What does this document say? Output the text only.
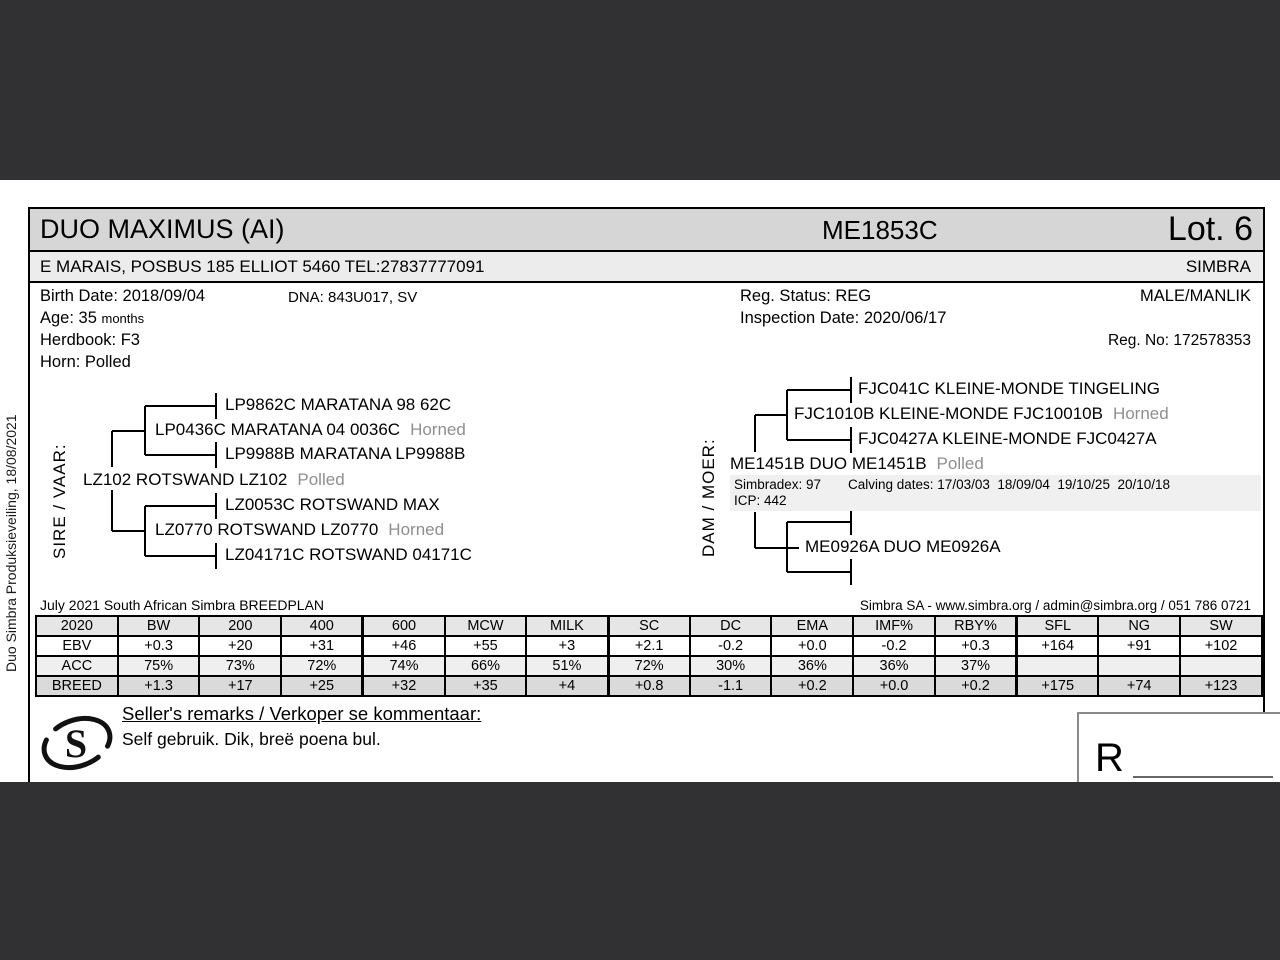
Duo Simbra Produksieveiling, 18/08/2021
DUO MAXIMUS (AI)	ME1853C	Lot. 6
E MARAIS, POSBUS 185 ELLIOT 5460 TEL:27837777091	SIMBRA
Birth Date: 2018/09/04	DNA: 843U017, SV	Reg. Status: REG	MALE/MANLIK
Age: 35 months	Inspection Date: 2020/06/17
Herdbook: F3	Reg. No: 172578353
Horn: Polled
SIRE / VAAR:
LP9862C MARATANA 98 62C
LP0436C MARATANA 04 0036C Horned
LP9988B MARATANA LP9988B
LZ102 ROTSWAND LZ102 Polled
LZ0053C ROTSWAND MAX
LZ0770 ROTSWAND LZ0770 Horned
LZ04171C ROTSWAND 04171C	DAM / MOER:
FJC041C KLEINE-MONDE TINGELING
FJC1010B KLEINE-MONDE FJC10010B Horned
FJC0427A KLEINE-MONDE FJC0427A
ME1451B DUO ME1451B Polled
Simbradex: 97 Calving dates: 17/03/03  18/09/04  19/10/25  20/10/18
ICP: 442
ME0926A DUO ME0926A
July 2021 South African Simbra BREEDPLAN	Simbra SA - www.simbra.org / admin@simbra.org / 051 786 0721
2020	BW	200	400	600	MCW	MILK	SC	DC	EMA	IMF%	RBY%	SFL	NG	SW
EBV	+0.3	+20	+31	+46	+55	+3	+2.1	-0.2	+0.0	-0.2	+0.3	+164	+91	+102
ACC	75%	73%	72%	74%	66%	51%	72%	30%	36%	36%	37%			
BREED	+1.3	+17	+25	+32	+35	+4	+0.8	-1.1	+0.2	+0.0	+0.2	+175	+74	+123
S
Seller's remarks / Verkoper se kommentaar:
Self gebruik. Dik, breë poena bul.	R
